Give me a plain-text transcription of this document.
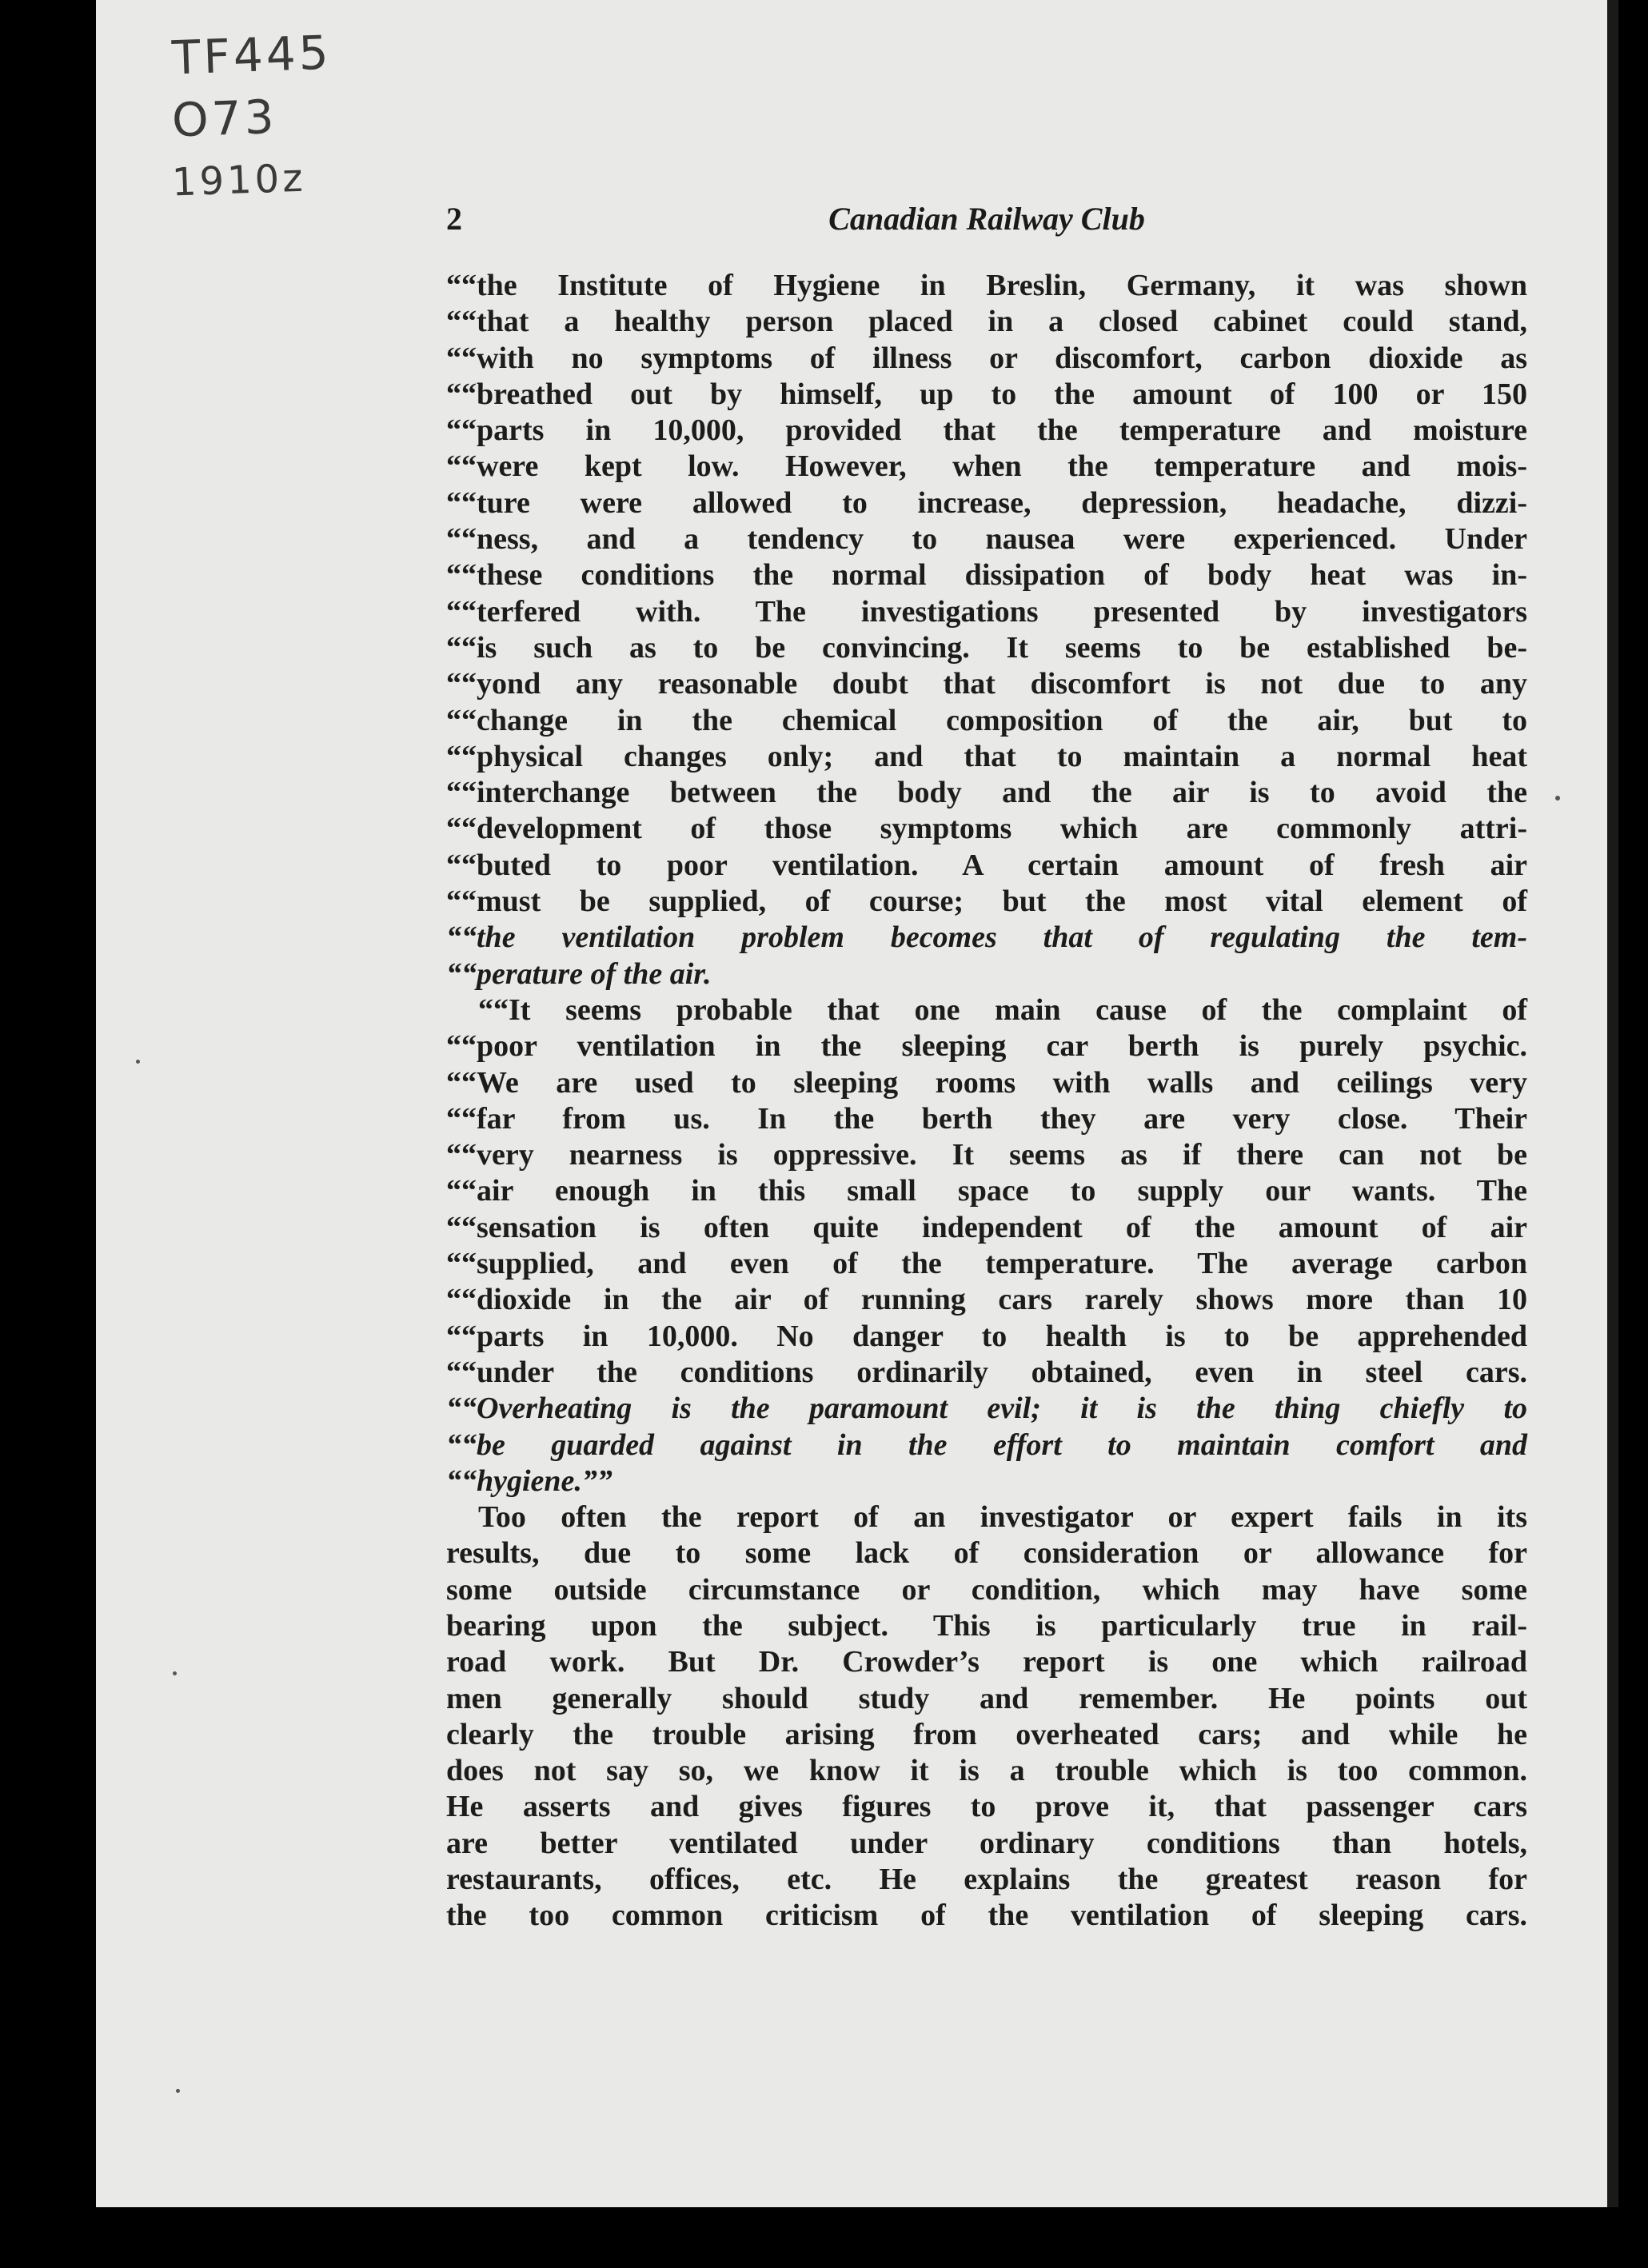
TF445
O73
1910z
2	Canadian Railway Club
““the Institute of Hygiene in Breslin, Germany, it was shown
““that a healthy person placed in a closed cabinet could stand,
““with no symptoms of illness or discomfort, carbon dioxide as
““breathed out by himself, up to the amount of 100 or 150
““parts in 10,000, provided that the temperature and moisture
““were kept low. However, when the temperature and mois-
““ture were allowed to increase, depression, headache, dizzi-
““ness, and a tendency to nausea were experienced. Under
““these conditions the normal dissipation of body heat was in-
““terfered with. The investigations presented by investigators
““is such as to be convincing. It seems to be established be-
““yond any reasonable doubt that discomfort is not due to any
““change in the chemical composition of the air, but to
““physical changes only; and that to maintain a normal heat
““interchange between the body and the air is to avoid the
““development of those symptoms which are commonly attri-
““buted to poor ventilation. A certain amount of fresh air
““must be supplied, of course; but the most vital element of
““the ventilation problem becomes that of regulating the tem-
““perature of the air.
““It seems probable that one main cause of the complaint of
““poor ventilation in the sleeping car berth is purely psychic.
““We are used to sleeping rooms with walls and ceilings very
““far from us. In the berth they are very close. Their
““very nearness is oppressive. It seems as if there can not be
““air enough in this small space to supply our wants. The
““sensation is often quite independent of the amount of air
““supplied, and even of the temperature. The average carbon
““dioxide in the air of running cars rarely shows more than 10
““parts in 10,000. No danger to health is to be apprehended
““under the conditions ordinarily obtained, even in steel cars.
““Overheating is the paramount evil; it is the thing chiefly to
““be guarded against in the effort to maintain comfort and
““hygiene.””
Too often the report of an investigator or expert fails in its
results, due to some lack of consideration or allowance for
some outside circumstance or condition, which may have some
bearing upon the subject. This is particularly true in rail-
road work. But Dr. Crowder’s report is one which railroad
men generally should study and remember. He points out
clearly the trouble arising from overheated cars; and while he
does not say so, we know it is a trouble which is too common.
He asserts and gives figures to prove it, that passenger cars
are better ventilated under ordinary conditions than hotels,
restaurants, offices, etc. He explains the greatest reason for
the too common criticism of the ventilation of sleeping cars.
